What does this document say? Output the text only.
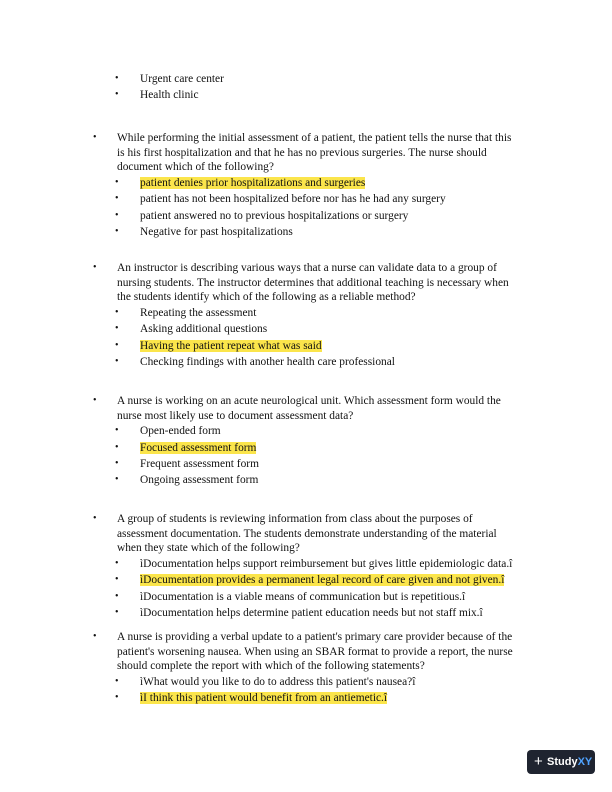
• Urgent care center
• Health clinic
• While performing the initial assessment of a patient, the patient tells the nurse that this is his first hospitalization and that he has no previous surgeries. The nurse should document which of the following?
• patient denies prior hospitalizations and surgeries
• patient has not been hospitalized before nor has he had any surgery
• patient answered no to previous hospitalizations or surgery
• Negative for past hospitalizations
• An instructor is describing various ways that a nurse can validate data to a group of nursing students. The instructor determines that additional teaching is necessary when the students identify which of the following as a reliable method?
• Repeating the assessment
• Asking additional questions
• Having the patient repeat what was said
• Checking findings with another health care professional
• A nurse is working on an acute neurological unit. Which assessment form would the nurse most likely use to document assessment data?
• Open-ended form
• Focused assessment form
• Frequent assessment form
• Ongoing assessment form
• A group of students is reviewing information from class about the purposes of assessment documentation. The students demonstrate understanding of the material when they state which of the following?
• ìDocumentation helps support reimbursement but gives little epidemiologic data.î
• ìDocumentation provides a permanent legal record of care given and not given.î
• ìDocumentation is a viable means of communication but is repetitious.î
• ìDocumentation helps determine patient education needs but not staff mix.î
• A nurse is providing a verbal update to a patient's primary care provider because of the patient's worsening nausea. When using an SBAR format to provide a report, the nurse should complete the report with which of the following statements?
• ìWhat would you like to do to address this patient's nausea?î
• ìI think this patient would benefit from an antiemetic.î
+ StudyXY
